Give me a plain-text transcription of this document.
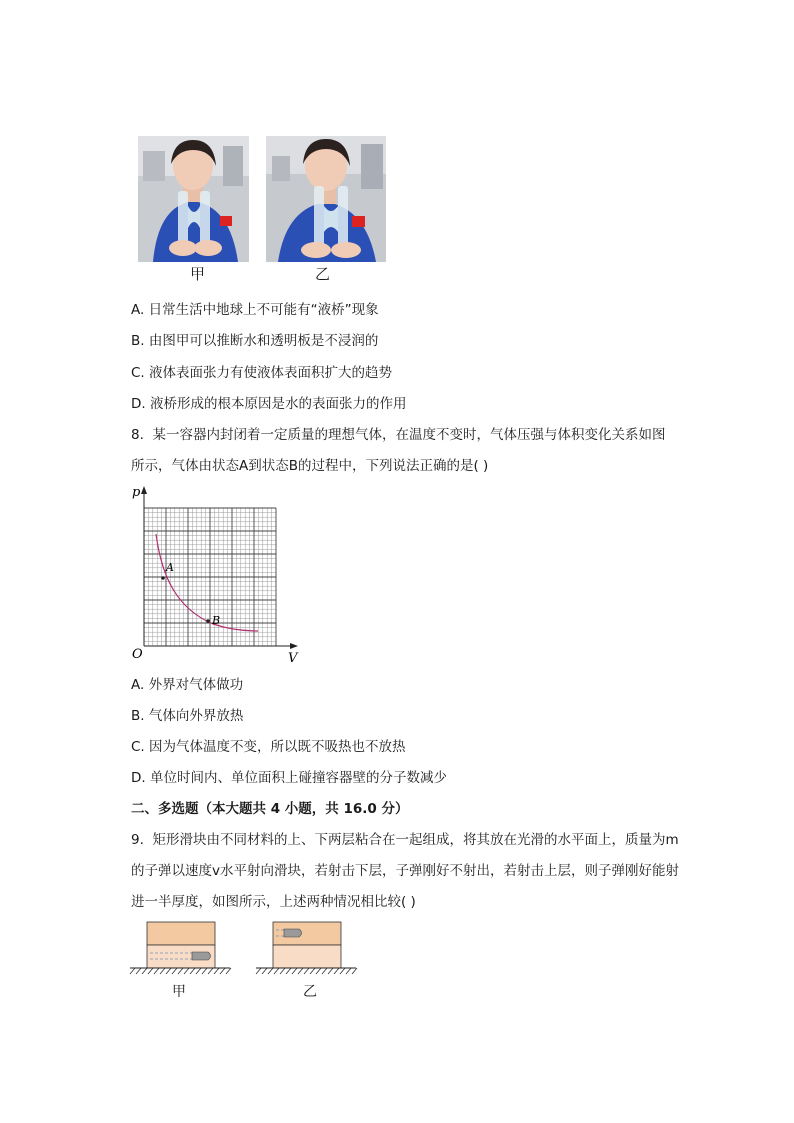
甲	乙
A. 日常生活中地球上不可能有“液桥”现象
B. 由图甲可以推断水和透明板是不浸润的
C. 液体表面张力有使液体表面积扩大的趋势
D. 液桥形成的根本原因是水的表面张力的作用
8. 某一容器内封闭着一定质量的理想气体，在温度不变时，气体压强与体积变化关系如图
所示，气体由状态A到状态B的过程中，下列说法正确的是( )
p
V
O
A
B
A. 外界对气体做功
B. 气体向外界放热
C. 因为气体温度不变，所以既不吸热也不放热
D. 单位时间内、单位面积上碰撞容器壁的分子数减少
二、多选题（本大题共 4 小题，共 16.0 分）
9. 矩形滑块由不同材料的上、下两层粘合在一起组成，将其放在光滑的水平面上，质量为m
的子弹以速度v水平射向滑块，若射击下层，子弹刚好不射出，若射击上层，则子弹刚好能射
进一半厚度，如图所示，上述两种情况相比较( )
甲	乙
